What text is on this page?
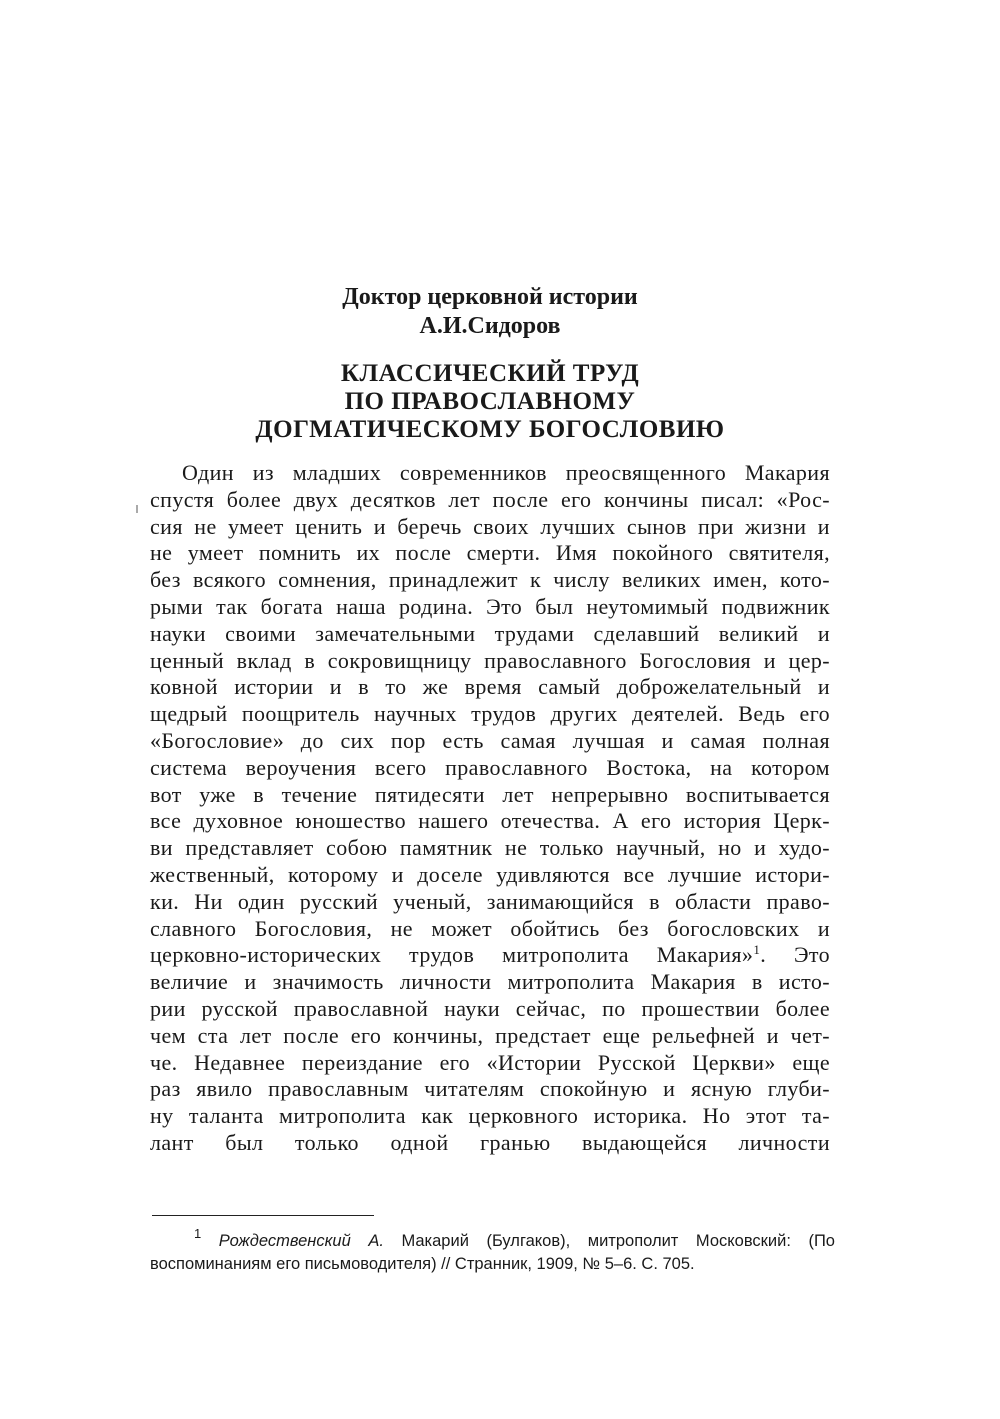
Доктор церковной истории
А.И.Сидоров
КЛАССИЧЕСКИЙ ТРУД
ПО ПРАВОСЛАВНОМУ
ДОГМАТИЧЕСКОМУ БОГОСЛОВИЮ
Один из младших современников преосвященного Макария
спустя более двух десятков лет после его кончины писал: «Рос-
сия не умеет ценить и беречь своих лучших сынов при жизни и
не умеет помнить их после смерти. Имя покойного святителя,
без всякого сомнения, принадлежит к числу великих имен, кото-
рыми так богата наша родина. Это был неутомимый подвижник
науки своими замечательными трудами сделавший великий и
ценный вклад в сокровищницу православного Богословия и цер-
ковной истории и в то же время самый доброжелательный и
щедрый поощритель научных трудов других деятелей. Ведь его
«Богословие» до сих пор есть самая лучшая и самая полная
система вероучения всего православного Востока, на котором
вот уже в течение пятидесяти лет непрерывно воспитывается
все духовное юношество нашего отечества. А его история Церк-
ви представляет собою памятник не только научный, но и худо-
жественный, которому и доселе удивляются все лучшие истори-
ки. Ни один русский ученый, занимающийся в области право-
славного Богословия, не может обойтись без богословских и
церковно-исторических трудов митрополита Макария»$^1$. Это
величие и значимость личности митрополита Макария в исто-
рии русской православной науки сейчас, по прошествии более
чем ста лет после его кончины, предстает еще рельефней и чет-
че. Недавнее переиздание его «Истории Русской Церкви» еще
раз явило православным читателям спокойную и ясную глуби-
ну таланта митрополита как церковного историка. Но этот та-
лант был только одной гранью выдающейся личности
$^1$ Рождественский А. Макарий (Булгаков), митрополит Московский: (По
воспоминаниям его письмоводителя) // Странник, 1909, № 5–6. С. 705.
